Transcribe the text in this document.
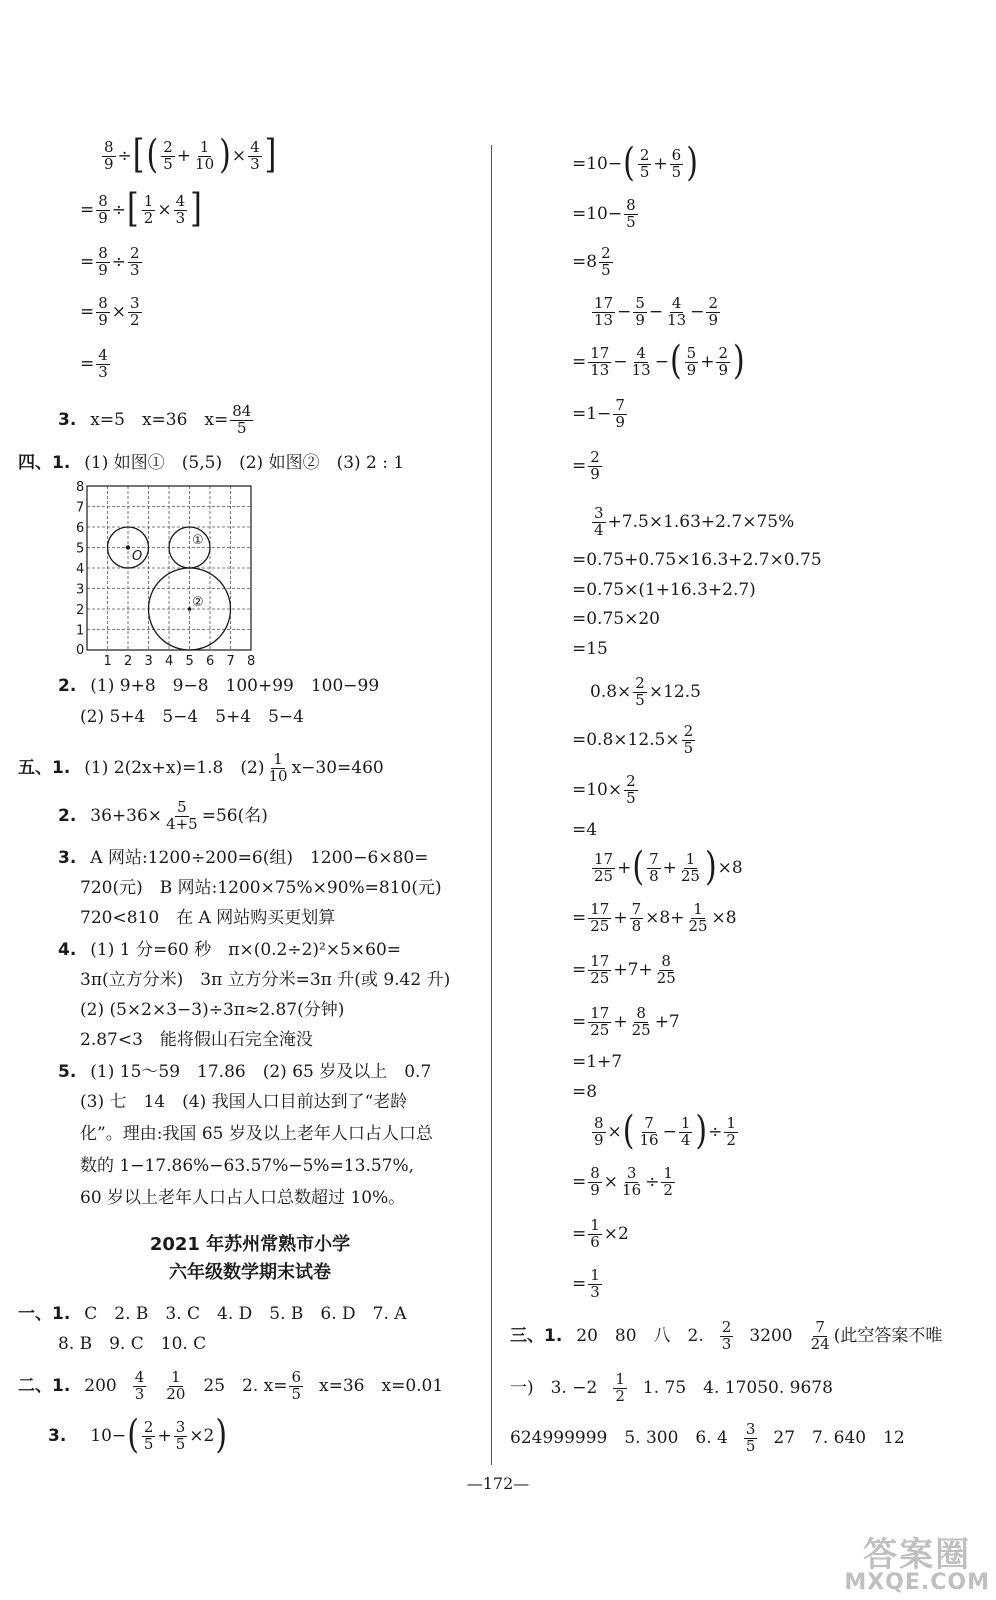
$\frac{8}{9}$ ÷ [ ( $\frac{2}{5} + \frac{1}{10}$ ) × $\frac{4}{3}$ ]
= $\frac{8}{9}$ ÷ [ $\frac{1}{2} \times \frac{4}{3}$ ]
= $\frac{8}{9} \div \frac{2}{3}$
= $\frac{8}{9} \times \frac{3}{2}$
= $\frac{4}{3}$
3. x=5　x=36　$x= \frac{84}{5}$
四、1. (1) 如图①　(5,5)　(2) 如图②　(3) 2 : 1
O
①
②
1 2 3 4 5 6 7 8
1
2
3
4
5
6
7
8
0
2. (1) 9+8　9−8　100+99　100−99
(2) 5+4　5−4　5+4　5−4
五、1. (1) 2(2x+x)=1.8　$(2) \frac{1}{10} x-30=460$
2. $36+36\times \frac{5}{4+5} =56$(名)
3. A 网站:1200÷200=6(组)　1200−6×80=
720(元)　B 网站:1200×75%×90%=810(元)
720<810　在 A 网站购买更划算
4. (1) 1 分=60 秒　π×(0.2÷2)²×5×60=
3π(立方分米)　3π 立方分米=3π 升(或 9.42 升)
(2) (5×2×3−3)÷3π≈2.87(分钟)
2.87<3　能将假山石完全淹没
5. (1) 15～59　17.86　(2) 65 岁及以上　0.7
(3) 七　14　(4) 我国人口目前达到了“老龄
化”。理由:我国 65 岁及以上老年人口占人口总
数的 1−17.86%−63.57%−5%=13.57%,
60 岁以上老年人口占人口总数超过 10%。
2021 年苏州常熟市小学
六年级数学期末试卷
一、1. C　2. B　3. C　4. D　5. B　6. D　7. A
8. B　9. C　10. C
二、1. $200 \frac{4}{3} \frac{1}{20} 25$　2. $x= \frac{6}{5} x=36$　x=0.01
3. 10− ( $\frac{2}{5} + \frac{3}{5} \times 2$ )
=10− ( $\frac{2}{5} + \frac{6}{5}$ )
$=10- \frac{8}{5}$
$=8 \frac{2}{5}$
$\frac{17}{13} - \frac{5}{9} - \frac{4}{13} - \frac{2}{9}$
= $\frac{17}{13} - \frac{4}{13}$ − ( $\frac{5}{9} + \frac{2}{9}$ )
$=1- \frac{7}{9}$
= $\frac{2}{9}$
$\frac{3}{4} +7.5\times 1.63+2.7\times 75\%$
=0.75+0.75×16.3+2.7×0.75
=0.75×(1+16.3+2.7)
=0.75×20
=15
$0.8\times \frac{2}{5} \times 12.5$
$=0.8\times 12.5\times \frac{2}{5}$
$=10\times \frac{2}{5}$
=4
$\frac{17}{25}$ + ( $\frac{7}{8} + \frac{1}{25}$ ) ×8
= $\frac{17}{25} + \frac{7}{8} \times 8+ \frac{1}{25} \times 8$
= $\frac{17}{25} +7+ \frac{8}{25}$
= $\frac{17}{25} + \frac{8}{25} +7$
=1+7
=8
$\frac{8}{9}$ × ( $\frac{7}{16} - \frac{1}{4}$ ) ÷ $\frac{1}{2}$
= $\frac{8}{9} \times \frac{3}{16} \div \frac{1}{2}$
= $\frac{1}{6} \times 2$
= $\frac{1}{3}$
三、1. 20　80　八　2. $\frac{2}{3} 3200 \frac{7}{24}$ (此空答案不唯
一)　3. $-2 \frac{1}{2} 1$. 75　4. 17050. 9678
624999999　5. 300　6. $4 \frac{3}{5} 27$　7. 640　12
—172—
答案圈
MXQE.COM
